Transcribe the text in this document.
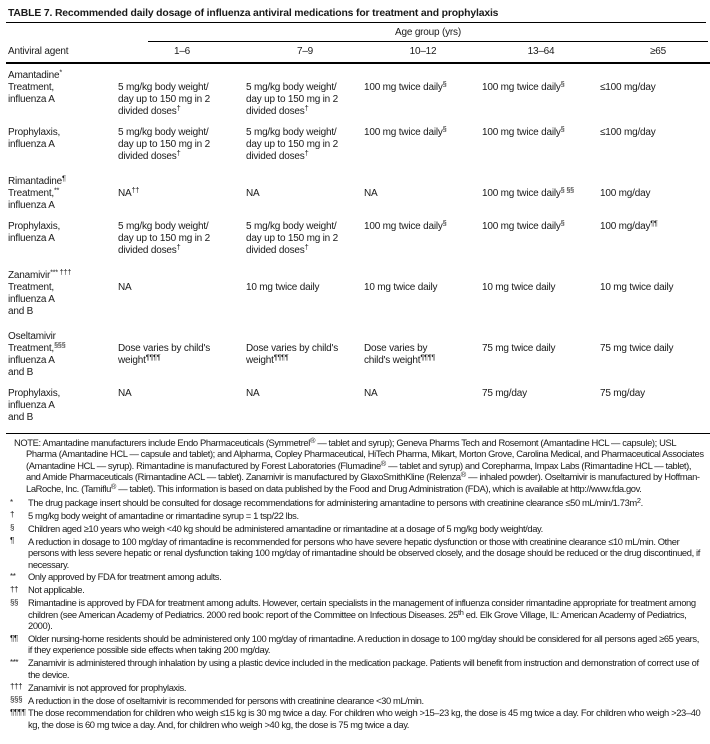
TABLE 7. Recommended daily dosage of influenza antiviral medications for treatment and prophylaxis

	Age group (yrs)				

Antiviral agent	1–6	7–9	10–12	13–64	≥65
Amantadine*
Treatment,
influenza A	5 mg/kg body weight/
day up to 150 mg in 2
divided doses†	5 mg/kg body weight/
day up to 150 mg in 2
divided doses†	100 mg twice daily§	100 mg twice daily§	≤100 mg/day
Prophylaxis,
influenza A	5 mg/kg body weight/
day up to 150 mg in 2
divided doses†	5 mg/kg body weight/
day up to 150 mg in 2
divided doses†	100 mg twice daily§	100 mg twice daily§	≤100 mg/day
Rimantadine¶
Treatment,**
influenza A	NA††	NA	NA	100 mg twice daily§ §§	100 mg/day
Prophylaxis,
influenza A	5 mg/kg body weight/
day up to 150 mg in 2
divided doses†	5 mg/kg body weight/
day up to 150 mg in 2
divided doses†	100 mg twice daily§	100 mg twice daily§	100 mg/day¶¶
Zanamivir*** †††
Treatment,
influenza A
and B	NA	10 mg twice daily	10 mg twice daily	10 mg twice daily	10 mg twice daily
Oseltamivir					
Treatment,§§§
influenza A
and B	Dose varies by child's
weight¶¶¶¶	Dose varies by child's
weight¶¶¶¶	Dose varies by
child's weight¶¶¶¶	75 mg twice daily	75 mg twice daily
Prophylaxis,
influenza A
and B	NA	NA	NA	75 mg/day	75 mg/day
NOTE: Amantadine manufacturers include Endo Pharmaceuticals (Symmetrel® — tablet and syrup); Geneva Pharms Tech and Rosemont (Amantadine HCL — capsule); USL Pharma (Amantadine HCL — capsule and tablet); and Alpharma, Copley Pharmaceutical, HiTech Pharma, Mikart, Morton Grove, Carolina Medical, and Pharmaceutical Associates (Amantadine HCL — syrup). Rimantadine is manufactured by Forest Laboratories (Flumadine® — tablet and syrup) and Corepharma, Impax Labs (Rimantadine HCL — tablet), and Amide Pharmaceuticals (Rimantadine ACL — tablet). Zanamivir is manufactured by GlaxoSmithKline (Relenza® — inhaled powder). Oseltamivir is manufactured by Hoffman-LaRoche, Inc. (Tamiflu® — tablet). This information is based on data published by the Food and Drug Administration (FDA), which is available at http://www.fda.gov.
* The drug package insert should be consulted for dosage recommendations for administering amantadine to persons with creatinine clearance ≤50 $mL/\min/1.73m^2$.
† 5 mg/kg body weight of amantadine or rimantadine syrup = 1 tsp/22 lbs.
§ Children aged ≥10 years who weigh <40 kg should be administered amantadine or rimantadine at a dosage of 5 mg/kg body weight/day.
¶ A reduction in dosage to 100 mg/day of rimantadine is recommended for persons who have severe hepatic dysfunction or those with creatinine clearance ≤10 mL/min. Other persons with less severe hepatic or renal dysfunction taking 100 mg/day of rimantadine should be observed closely, and the dosage should be reduced or the drug discontinued, if necessary.
** Only approved by FDA for treatment among adults.
†† Not applicable.
§§ Rimantadine is approved by FDA for treatment among adults. However, certain specialists in the management of influenza consider rimantadine appropriate for treatment among children (see American Academy of Pediatrics. 2000 red book: report of the Committee on Infectious Diseases. 25th ed. Elk Grove Village, IL: American Academy of Pediatrics, 2000).
¶¶ Older nursing-home residents should be administered only 100 mg/day of rimantadine. A reduction in dosage to 100 mg/day should be considered for all persons aged ≥65 years, if they experience possible side effects when taking 200 mg/day.
*** Zanamivir is administered through inhalation by using a plastic device included in the medication package. Patients will benefit from instruction and demonstration of correct use of the device.
††† Zanamivir is not approved for prophylaxis.
§§§ A reduction in the dose of oseltamivir is recommended for persons with creatinine clearance <30 mL/min.
¶¶¶¶ The dose recommendation for children who weigh ≤15 kg is 30 mg twice a day. For children who weigh >15–23 kg, the dose is 45 mg twice a day. For children who weigh >23–40 kg, the dose is 60 mg twice a day. And, for children who weigh >40 kg, the dose is 75 mg twice a day.
